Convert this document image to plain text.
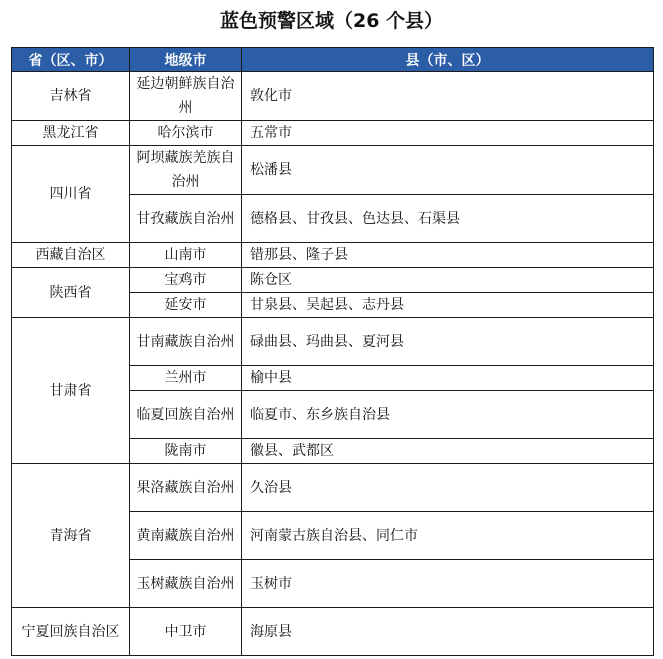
蓝色预警区域（26 个县）
省（区、市）	地级市	县（市、区）
吉林省	延边朝鲜族自治州	敦化市
黑龙江省	哈尔滨市	五常市
四川省	阿坝藏族羌族自治州	松潘县
	甘孜藏族自治州	德格县、甘孜县、色达县、石渠县
西藏自治区	山南市	错那县、隆子县
陕西省	宝鸡市	陈仓区
	延安市	甘泉县、吴起县、志丹县
甘肃省	甘南藏族自治州	碌曲县、玛曲县、夏河县
	兰州市	榆中县
	临夏回族自治州	临夏市、东乡族自治县
	陇南市	徽县、武都区
青海省	果洛藏族自治州	久治县
	黄南藏族自治州	河南蒙古族自治县、同仁市
	玉树藏族自治州	玉树市
宁夏回族自治区	中卫市	海原县
